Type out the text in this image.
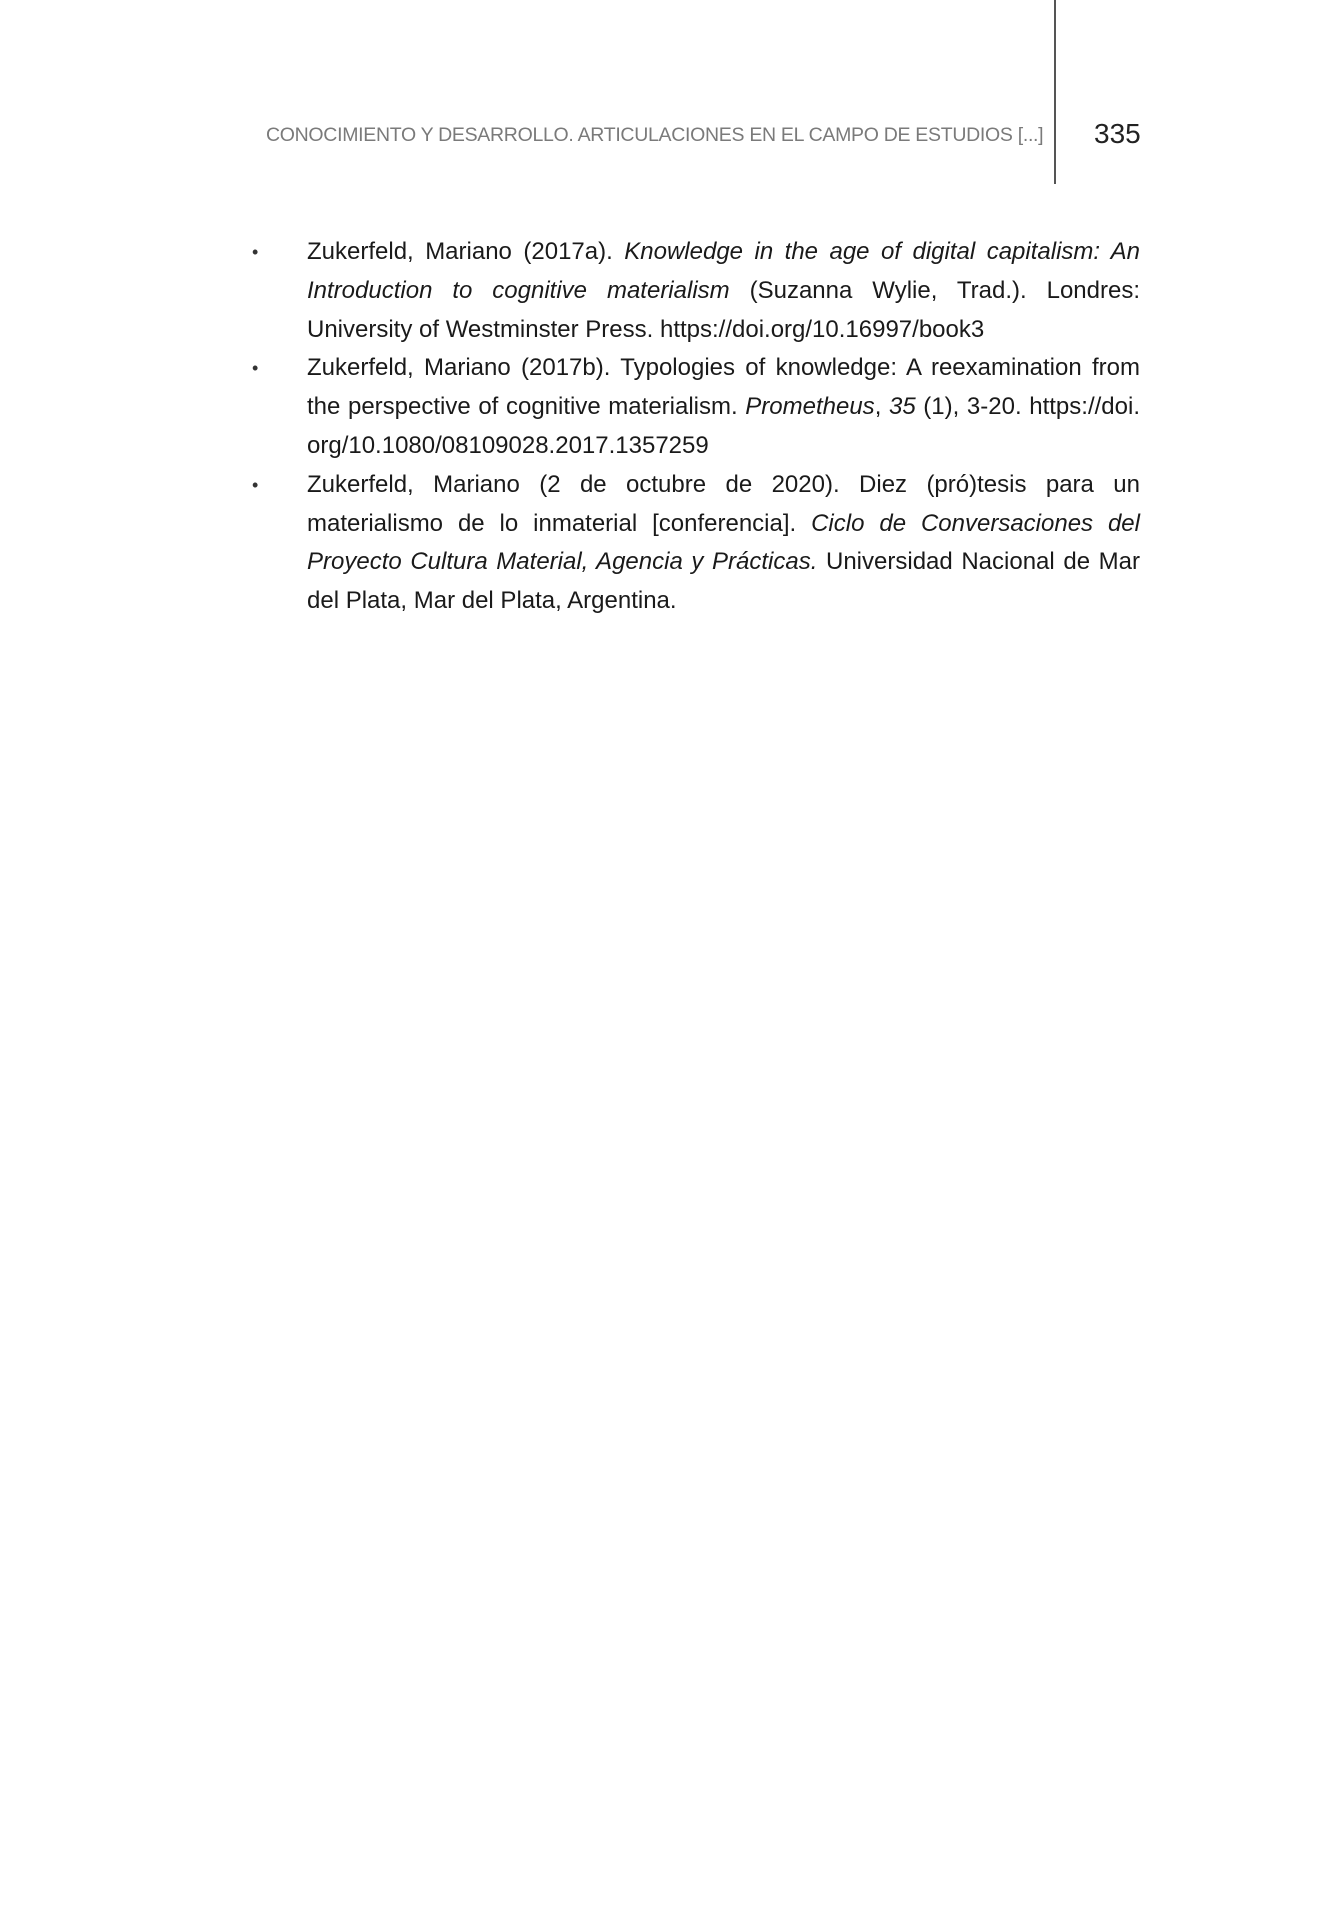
CONOCIMIENTO Y DESARROLLO. ARTICULACIONES EN EL CAMPO DE ESTUDIOS [...] 335
• Zukerfeld, Mariano (2017a). Knowledge in the age of digital capitalism: An Introduction to cognitive materialism (Suzanna Wylie, Trad.). Londres: University of Westminster Press. https://doi.org/10.16997/book3
• Zukerfeld, Mariano (2017b). Typologies of knowledge: A reexamination from the perspective of cognitive materialism. Prometheus, 35 (1), 3-20. https://doi.org/10.1080/08109028.2017.1357259
• Zukerfeld, Mariano (2 de octubre de 2020). Diez (pró)tesis para un materialismo de lo inmaterial [conferencia]. Ciclo de Conversaciones del Proyecto Cultura Material, Agencia y Prácticas. Universidad Nacional de Mar del Plata, Mar del Plata, Argentina.
